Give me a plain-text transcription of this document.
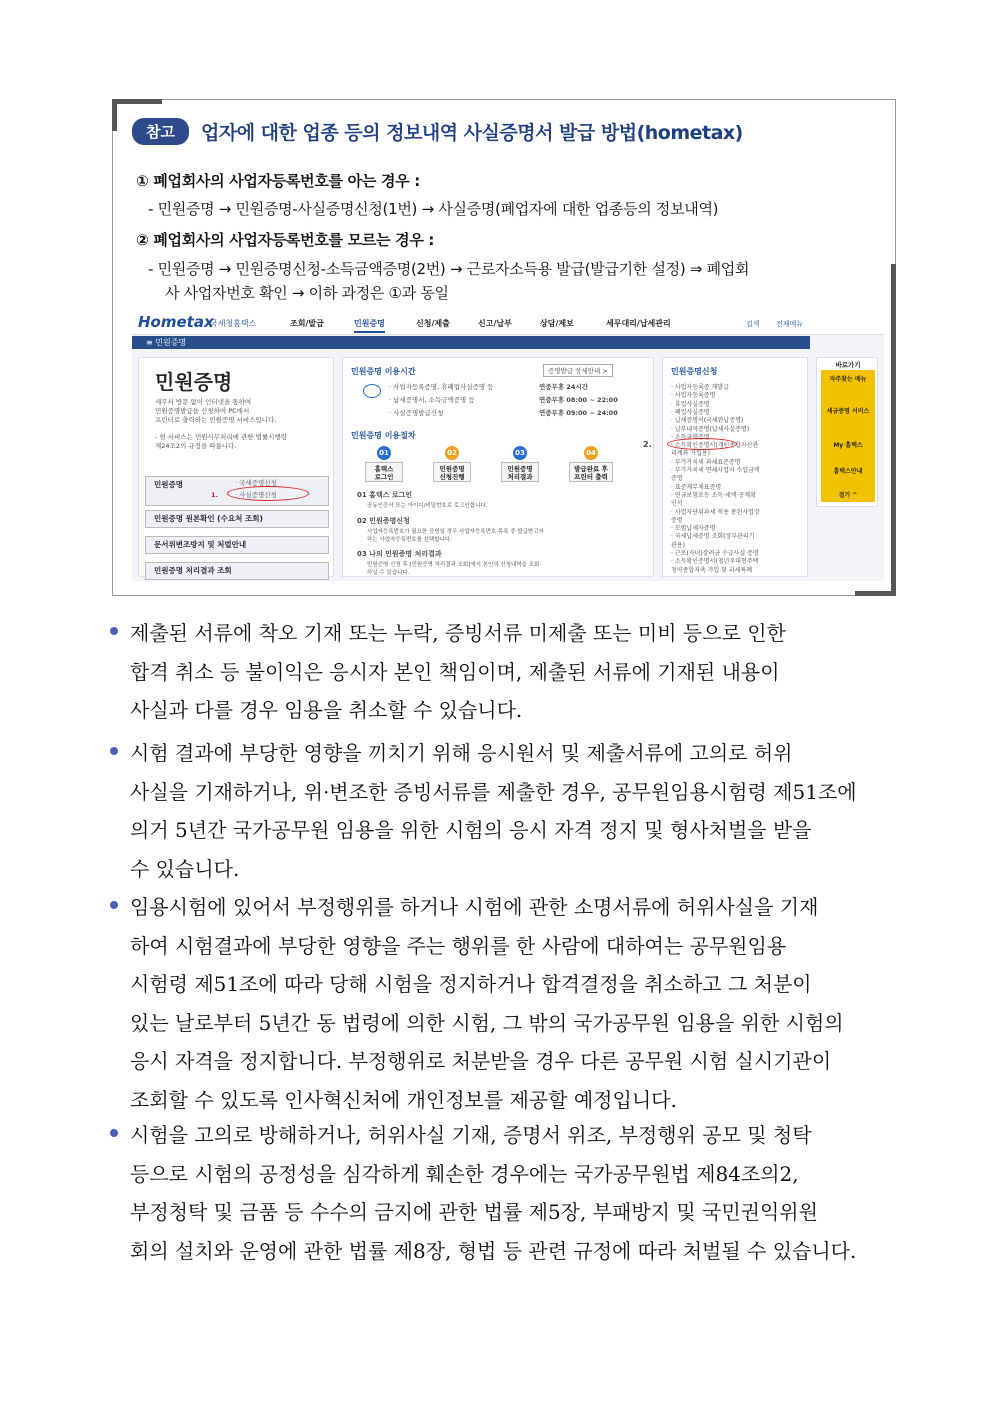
참고	업자에 대한 업종 등의 정보내역 사실증명서 발급 방법(hometax)
① 폐업회사의 사업자등록번호를 아는 경우 :
- 민원증명 → 민원증명-사실증명신청(1번) → 사실증명(폐업자에 대한 업종등의 정보내역)
② 폐업회사의 사업자등록번호를 모르는 경우 :
- 민원증명 → 민원증명신청-소득금액증명(2번) → 근로자소득용 발급(발급기한 설정) ⇒ 폐업회
사 사업자번호 확인 → 이하 과정은 ①과 동일
Hometax
국세청홈택스	조회/발급	민원증명	신청/제출	신고/납부	상담/제보	세무대리/납세관리	검색 전체메뉴
≡ 민원증명
민원증명
세무서 방문 없이 인터넷을 통하여
민원증명발급을 신청하여 PC에서
프린터로 출력하는 민원증명 서비스입니다.
- 현 서비스는 민원사무처리에 관한 법률시행령
제24조2의 규정을 따릅니다.
민원증명	· 국세증명신청
· 사실증명신청
1.
민원증명 원본확인 (수요처 조회)
문서위변조방지 및 처벌안내
민원증명 처리결과 조회
민원증명 이용시간	증명발급 상세안내 >
· 사업자등록증명, 휴폐업사실증명 등	연중무휴 24시간
· 납세증명서, 소득금액증명 등	연중무휴 08:00 ~ 22:00
· 사실증명발급신청	연중무휴 09:00 ~ 24:00
민원증명 이용절차
01
홈택스
로그인
02
민원증명
신청진행
03
민원증명
처리결과
04
발급완료 후
프린터 출력
01 홈택스 로그인
공동인증서 또는 아이디/비밀번호로 로그인합니다.
02 민원증명신청
사업자등록번호가 필요한 증명일 경우 사업자등록번호 목록 중 발급받고자
하는 사업자등록번호를 선택합니다.
03 나의 민원증명 처리결과
민원증명 신청 후 [민원증명 처리결과 조회]에서 본인의 신청내역을 조회
하실 수 있습니다.
민원증명신청
· 사업자등록증 재발급
· 사업자등록증명
· 휴업사실증명
· 폐업사실증명
· 납세증명서(국세완납증명)
· 납부내역증명(납세사실증명)
· 소득금액증명
· 소득확인증명서(개인종합자산관
리계좌 가입용)
· 부가가치세 과세표준증명
· 부가가치세 면세사업자 수입금액
증명
· 표준재무제표증명
· 연금보험료등 소득·세액 공제확
인서
· 사업자단위과세 적용 종된사업장
증명
· 모범납세자증명
· 국세납세증명 조회(정부관리기
관용)
· 근로(자녀)장려금 수급사실 증명
· 소득확인증명서(청년우대형주택
청약종합저축 가입 및 과세특례
2.
바로가기
자주찾는 메뉴
세금증명 서비스
My 홈택스
홈택스안내
접기 ^
제출된 서류에 착오 기재 또는 누락, 증빙서류 미제출 또는 미비 등으로 인한
합격 취소 등 불이익은 응시자 본인 책임이며, 제출된 서류에 기재된 내용이
사실과 다를 경우 임용을 취소할 수 있습니다.
시험 결과에 부당한 영향을 끼치기 위해 응시원서 및 제출서류에 고의로 허위
사실을 기재하거나, 위·변조한 증빙서류를 제출한 경우, 공무원임용시험령 제51조에
의거 5년간 국가공무원 임용을 위한 시험의 응시 자격 정지 및 형사처벌을 받을
수 있습니다.
임용시험에 있어서 부정행위를 하거나 시험에 관한 소명서류에 허위사실을 기재
하여 시험결과에 부당한 영향을 주는 행위를 한 사람에 대하여는 공무원임용
시험령 제51조에 따라 당해 시험을 정지하거나 합격결정을 취소하고 그 처분이
있는 날로부터 5년간 동 법령에 의한 시험, 그 밖의 국가공무원 임용을 위한 시험의
응시 자격을 정지합니다. 부정행위로 처분받을 경우 다른 공무원 시험 실시기관이
조회할 수 있도록 인사혁신처에 개인정보를 제공할 예정입니다.
시험을 고의로 방해하거나, 허위사실 기재, 증명서 위조, 부정행위 공모 및 청탁
등으로 시험의 공정성을 심각하게 훼손한 경우에는 국가공무원법 제84조의2,
부정청탁 및 금품 등 수수의 금지에 관한 법률 제5장, 부패방지 및 국민권익위원
회의 설치와 운영에 관한 법률 제8장, 형법 등 관련 규정에 따라 처벌될 수 있습니다.
